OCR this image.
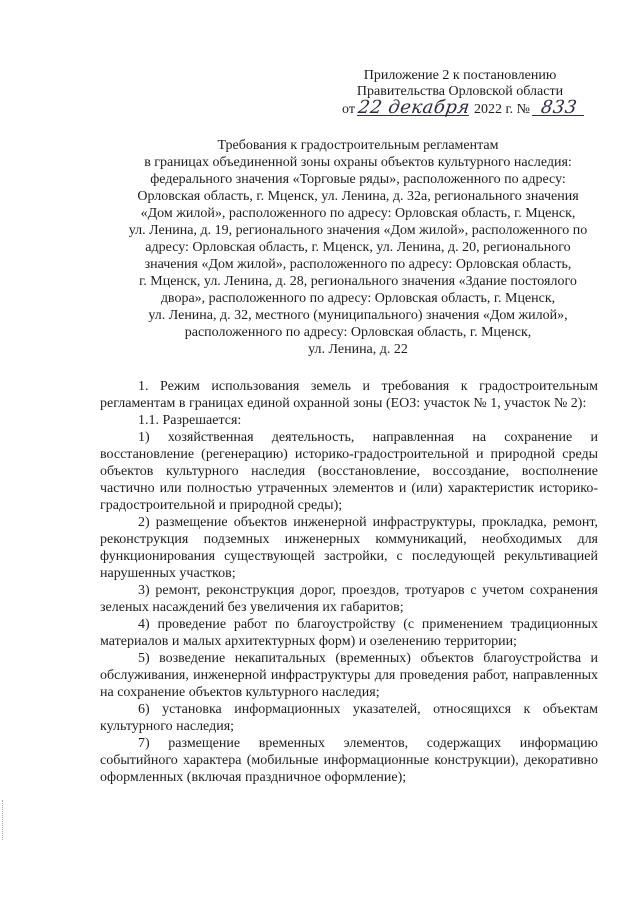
Приложение 2 к постановлению
Правительства Орловской области
от 22 декабря 2022 г. № 833
Требования к градостроительным регламентам
в границах объединенной зоны охраны объектов культурного наследия:
федерального значения «Торговые ряды», расположенного по адресу:
Орловская область, г. Мценск, ул. Ленина, д. 32а, регионального значения
«Дом жилой», расположенного по адресу: Орловская область, г. Мценск,
ул. Ленина, д. 19, регионального значения «Дом жилой», расположенного по
адресу: Орловская область, г. Мценск, ул. Ленина, д. 20, регионального
значения «Дом жилой», расположенного по адресу: Орловская область,
г. Мценск, ул. Ленина, д. 28, регионального значения «Здание постоялого
двора», расположенного по адресу: Орловская область, г. Мценск,
ул. Ленина, д. 32, местного (муниципального) значения «Дом жилой»,
расположенного по адресу: Орловская область, г. Мценск,
ул. Ленина, д. 22

1. Режим использования земель и требования к градостроительным регламентам в границах единой охранной зоны (ЕОЗ: участок № 1, участок № 2):

1.1. Разрешается:

1) хозяйственная деятельность, направленная на сохранение и восстановление (регенерацию) историко-градостроительной и природной среды объектов культурного наследия (восстановление, воссоздание, восполнение частично или полностью утраченных элементов и (или) характеристик историко-градостроительной и природной среды);

2) размещение объектов инженерной инфраструктуры, прокладка, ремонт, реконструкция подземных инженерных коммуникаций, необходимых для функционирования существующей застройки, с последующей рекультивацией нарушенных участков;

3) ремонт, реконструкция дорог, проездов, тротуаров с учетом сохранения зеленых насаждений без увеличения их габаритов;

4) проведение работ по благоустройству (с применением традиционных материалов и малых архитектурных форм) и озеленению территории;

5) возведение некапитальных (временных) объектов благоустройства и обслуживания, инженерной инфраструктуры для проведения работ, направленных на сохранение объектов культурного наследия;

6) установка информационных указателей, относящихся к объектам культурного наследия;

7) размещение временных элементов, содержащих информацию событийного характера (мобильные информационные конструкции), декоративно оформленных (включая праздничное оформление);
